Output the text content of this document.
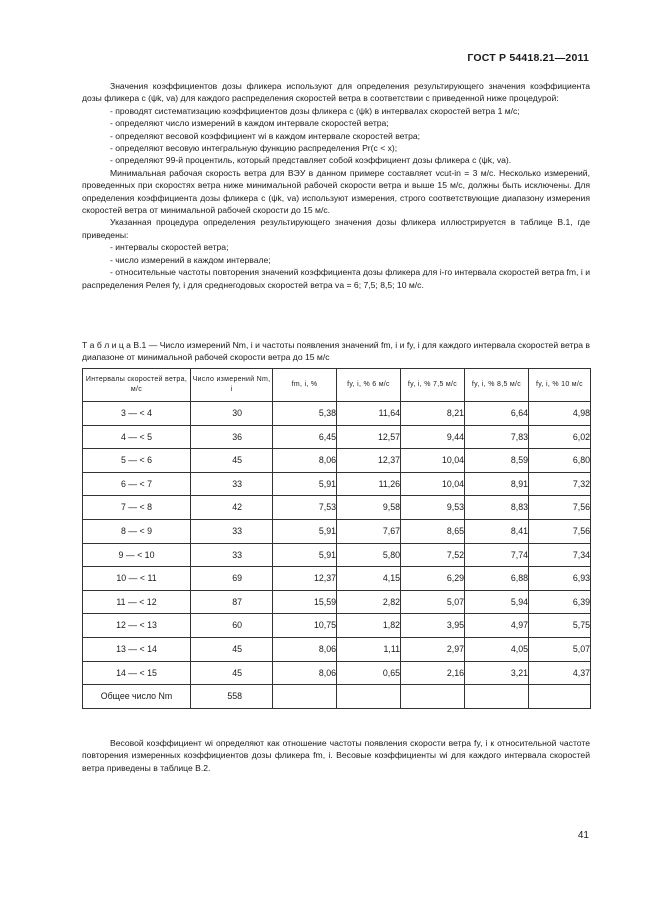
ГОСТ Р 54418.21—2011

Значения коэффициентов дозы фликера используют для определения результирующего значения коэффициента дозы фликера c (ψk, va) для каждого распределения скоростей ветра в соответствии с приведенной ниже процедурой:

- проводят систематизацию коэффициентов дозы фликера c (ψk) в интервалах скоростей ветра 1 м/с;

- определяют число измерений в каждом интервале скоростей ветра;

- определяют весовой коэффициент wi в каждом интервале скоростей ветра;

- определяют весовую интегральную функцию распределения Pr(c < x);

- определяют 99-й процентиль, который представляет собой коэффициент дозы фликера c (ψk, va).

Минимальная рабочая скорость ветра для ВЭУ в данном примере составляет vcut-in = 3 м/с. Несколько измерений, проведенных при скоростях ветра ниже минимальной рабочей скорости ветра и выше 15 м/с, должны быть исключены. Для определения коэффициента дозы фликера c (ψk, va) используют измерения, строго соответствующие диапазону измерения скоростей ветра от минимальной рабочей скорости до 15 м/с.

Указанная процедура определения результирующего значения дозы фликера иллюстрируется в таблице В.1, где приведены:

- интервалы скоростей ветра;

- число измерений в каждом интервале;

- относительные частоты повторения значений коэффициента дозы фликера для i-го интервала скоростей ветра fm, i и распределения Релея fy, i для среднегодовых скоростей ветра va = 6; 7,5; 8,5; 10 м/с.

Т а б л и ц а В.1 — Число измерений Nm, i и частоты появления значений fm, i и fy, i для каждого интервала скоростей ветра в диапазоне от минимальной рабочей скорости ветра до 15 м/с
Интервалы скоростей ветра, м/с	Число измерений Nm, i	fm, i, %	fy, i, % 6 м/с	fy, i, % 7,5 м/с	fy, i, % 8,5 м/с	fy, i, % 10 м/с
3 — < 4	30	5,38	11,64	8,21	6,64	4,98
4 — < 5	36	6,45	12,57	9,44	7,83	6,02
5 — < 6	45	8,06	12,37	10,04	8,59	6,80
6 — < 7	33	5,91	11,26	10,04	8,91	7,32
7 — < 8	42	7,53	9,58	9,53	8,83	7,56
8 — < 9	33	5,91	7,67	8,65	8,41	7,56
9 — < 10	33	5,91	5,80	7,52	7,74	7,34
10 — < 11	69	12,37	4,15	6,29	6,88	6,93
11 — < 12	87	15,59	2,82	5,07	5,94	6,39
12 — < 13	60	10,75	1,82	3,95	4,97	5,75
13 — < 14	45	8,06	1,11	2,97	4,05	5,07
14 — < 15	45	8,06	0,65	2,16	3,21	4,37
Общее число Nm	558					

Весовой коэффициент wi определяют как отношение частоты появления скорости ветра fy, i к относительной частоте повторения измеренных коэффициентов дозы фликера fm, i. Весовые коэффициенты wi для каждого интервала скоростей ветра приведены в таблице В.2.

41
